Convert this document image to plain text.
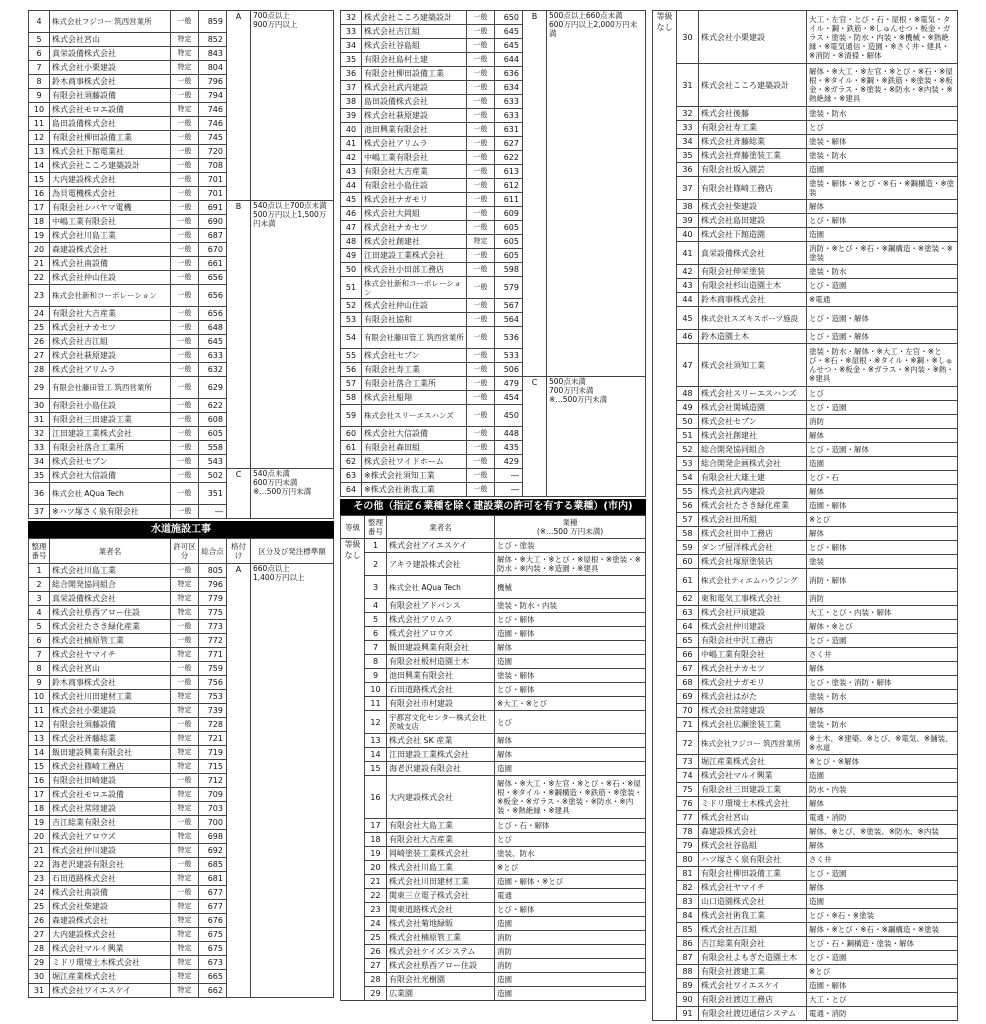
4	株式会社フジコー 筑西営業所	一般	859	A	700点以上
900万円以上
5	株式会社宮山	特定	852		
6	真栄設備株式会社	特定	843		
7	株式会社小栗建設	特定	804		
8	鈴木商事株式会社	一般	796		
9	有限会社須藤設備	一般	794		
10	株式会社モロエ設備	特定	746		
11	島田設備株式会社	一般	746		
12	有限会社柳田設備工業	一般	745		
13	株式会社下館電業社	一般	720		
14	株式会社こころ建築設計	一般	708		
15	大内建設株式会社	一般	701		
16	為貝電機株式会社	一般	701		
17	有限会社シバヤマ電機	一般	691	B	540点以上700点未満
500万円以上1,500万円未満
18	中嶋工業有限会社	一般	690		
19	株式会社川島工業	一般	687		
20	森建設株式会社	一般	670		
21	株式会社南設備	一般	661		
22	株式会社仲山住設	一般	656		
23	株式会社新和コーポレーション	一般	656		
24	有限会社大吉産業	一般	656		
25	株式会社ナカセツ	一般	648		
26	株式会社吉江組	一般	645		
27	株式会社萩原建設	一般	633		
28	株式会社アリムラ	一般	632		
29	有限会社藤田管工 筑西営業所	一般	629		
30	有限会社小島住設	一般	622		
31	有限会社三田建設工業	一般	608		
32	江田建設工業株式会社	一般	605		
33	有限会社落合工業所	一般	558		
34	株式会社セブン	一般	543		
35	株式会社大信設備	一般	502	C	540点未満
600万円未満
※…500万円未満
36	株式会社 AQua Tech	一般	351		
37	※ハツ塚さく泉有限会社	一般	―		
水道施設工事
整理番号	業者名	許可区分	総合点	格付け	区分及び発注標準額
1	株式会社川島工業	一般	805	A	660点以上
1,400万円以上
2	総合開発協同組合	特定	796		
3	真栄設備株式会社	特定	779		
4	株式会社県西アロー住設	特定	775		
5	株式会社たさき緑化産業	一般	773		
6	株式会社楠原管工業	一般	772		
7	株式会社ヤマイチ	特定	771		
8	株式会社宮山	一般	759		
9	鈴木商事株式会社	一般	756		
10	株式会社川田建材工業	特定	753		
11	株式会社小栗建設	特定	739		
12	有限会社須藤設備	一般	728		
13	株式会社斉藤総業	特定	721		
14	飯田建設興業有限会社	特定	719		
15	株式会社篠崎工務店	特定	715		
16	有限会社田崎建設	一般	712		
17	株式会社モロエ設備	特定	709		
18	株式会社常陸建設	特定	703		
19	吉江総業有限会社	一般	700		
20	株式会社アロウズ	特定	698		
21	株式会社仲川建設	特定	692		
22	海老沢建設有限会社	一般	685		
23	石田道路株式会社	特定	681		
24	株式会社南設備	一般	677		
25	株式会社柴建設	特定	677		
26	森建設株式会社	特定	676		
27	大内建設株式会社	特定	675		
28	株式会社マルイ興業	特定	675		
29	ミドリ環境土木株式会社	特定	673		
30	堀江産業株式会社	特定	665		
31	株式会社ワイエスケイ	特定	662		
32	株式会社こころ建築設計	一般	650	B	500点以上660点未満
600万円以上2,000万円未満
33	株式会社吉江組	一般	645		
34	株式会社谷島組	一般	645		
35	有限会社島村土建	一般	644		
36	有限会社柳田設備工業	一般	636		
37	株式会社武内建設	一般	634		
38	島田設備株式会社	一般	633		
39	株式会社萩原建設	一般	633		
40	池田興業有限会社	一般	631		
41	株式会社アリムラ	一般	627		
42	中嶋工業有限会社	一般	622		
43	有限会社大吉産業	一般	613		
44	有限会社小島住設	一般	612		
45	株式会社ナガモリ	一般	611		
46	株式会社大岡組	一般	609		
47	株式会社ナカセツ	一般	605		
48	株式会社創建社	特定	605		
49	江田建設工業株式会社	一般	605		
50	株式会社小田部工務店	一般	598		
51	株式会社新和コーポレーション	一般	579		
52	株式会社仲山住設	一般	567		
53	有限会社協和	一般	564		
54	有限会社藤田管工 筑西営業所	一般	536		
55	株式会社セブン	一般	533		
56	有限会社寿工業	一般	506		
57	有限会社落合工業所	一般	479	C	500点未満
700万円未満
※…500万円未満
58	株式会社船翔	一般	454		
59	株式会社スリーエスハンズ	一般	450		
60	株式会社大信設備	一般	448		
61	有限会社森田組	一般	435		
62	株式会社ワイドホーム	一般	429		
63	※株式会社須知工業	一般	―		
64	※株式会社術我工業	一般	―		
その他（指定６業種を除く建設業の許可を有する業種）(市内)
等級	整理番号	業者名	業種
(※…500 万円未満)
等級なし	1	株式会社アイエスケイ	とび・塗装
	2	アキラ建設株式会社	解体・※大工・※とび・※屋根・※塗装・※防水・※内装・※造園・※建具
	3	株式会社 AQua Tech	機械
	4	有限会社アドバンス	塗装・防水・内装
	5	株式会社アリムラ	とび・解体
	6	株式会社アロウズ	造園・解体
	7	飯田建設興業有限会社	解体
	8	有限会社板村造園土木	造園
	9	池田興業有限会社	塗装・解体
	10	石田道路株式会社	とび・解体
	11	有限会社市村建設	※大工・※とび
	12	宇都宮文化センター株式会社 茨城支店	とび
	13	株式会社 SK 産業	解体
	14	江田建設工業株式会社	解体
	15	海老沢建設有限会社	造園
	16	大内建設株式会社	解体・※大工・※左官・※とび・※石・※屋根・※タイル・※鋼構造・※鉄筋・※塗装・※板金・※ガラス・※塗装・※防水・※内装・※熱絶縁・※建具
	17	有限会社大島工業	とび・石・解体
	18	有限会社大吉産業	とび
	19	岡崎塗装工業株式会社	塗装、防水
	20	株式会社川島工業	※とび
	21	株式会社川田建材工業	造園・解体・※とび
	22	関東三立電子株式会社	電通
	23	関東道路株式会社	とび・解体
	24	株式会社菊地緑販	造園
	25	株式会社楠原管工業	消防
	26	株式会社ケイズシステム	消防
	27	株式会社県西アロー住設	消防
	28	有限会社光樹園	造園
	29	広業園	造園
等級なし	30	株式会社小栗建設	大工・左官・とび・石・屋根・※電気・タイル・鋼・鉄筋・※しゅんせつ・板金・ガラス・塗装・防水・内装・※機械・※熱絶縁・※電気通信・造園・※さく井・建具・※消防・※清掃・解体
	31	株式会社こころ建築設計	解体・※大工・※左官・※とび・※石・※屋根・※タイル・※鋼・※鉄筋・※塗装・※板金・※ガラス・※塗装・※防水・※内装・※熱絶縁・※建具
	32	株式会社後藤	塗装・防水
	33	有限会社寿工業	とび
	34	株式会社斉藤総業	塗装・解体
	35	株式会社齊藤塗装工業	塗装・防水
	36	有限会社坂入園芸	造園
	37	有限会社篠崎工務店	塗装・解体・※とび・※石・※鋼構造・※塗装
	38	株式会社柴建設	解体
	39	株式会社島田建設	とび・解体
	40	株式会社下館造園	造園
	41	真栄設備株式会社	消防・※とび・※石・※鋼構造・※塗装・※塗装
	42	有限会社伸栄塗装	塗装・防水
	43	有限会社杉山造園土木	とび・造園
	44	鈴木商事株式会社	※電通
	45	株式会社スズキスポーツ施設	とび・造園・解体
	46	鈴木造園土木	とび・造園・解体
	47	株式会社須知工業	塗装・防水・解体・※大工・左官・※とび・※石・※屋根・※タイル・※鋼・※しゅんせつ・※板金・※ガラス・※内装・※熱・※建具
	48	株式会社スリーエスハンズ	とび
	49	株式会社関城造園	とび・造園
	50	株式会社セブン	消防
	51	株式会社創建社	解体
	52	総合開発協同組合	とび・造園・解体
	53	総合開発企画株式会社	造園
	54	有限会社大雄土建	とび・石
	55	株式会社武内建設	解体
	56	株式会社たさき緑化産業	造園・解体
	57	株式会社田所組	※とび
	58	株式会社田中工務店	解体
	59	ダンプ屋洋株式会社	とび・解体
	60	株式会社塚原塗装店	塗装
	61	株式会社ティエムハウジング	消防・解体
	62	東和電気工事株式会社	消防
	63	株式会社戸頃建設	大工・とび・内装・解体
	64	株式会社仲川建設	解体・※とび
	65	有限会社中沢工務店	とび・造園
	66	中嶋工業有限会社	さく井
	67	株式会社ナカセツ	解体
	68	株式会社ナガモリ	とび・塗装・消防・解体
	69	株式会社はがた	塗装・防水
	70	株式会社常陸建設	解体
	71	株式会社広瀬塗装工業	塗装・防水
	72	株式会社フジコー 筑西営業所	※土木、※建築、※とび、※電気、※舗装、※水道
	73	堀江産業株式会社	※とび・※解体
	74	株式会社マルイ興業	造園
	75	有限会社三田建設工業	防水・内装
	76	ミドリ環境土木株式会社	解体
	77	株式会社宮山	電通・消防
	78	森建設株式会社	解体、※とび、※塗装、※防水、※内装
	79	株式会社谷島組	解体
	80	ハツ塚さく泉有限会社	さく井
	81	有限会社柳田設備工業	とび・造園
	82	株式会社ヤマイチ	解体
	83	山口造園株式会社	造園
	84	株式会社術我工業	とび・※石・※塗装
	85	株式会社吉江組	解体・※とび・※石・※鋼構造・※塗装
	86	吉江総業有限会社	とび・石・鋼構造・塗装・解体
	87	有限会社よもぎた造園土木	とび・造園
	88	有限会社渡建工業	※とび
	89	株式会社ワイエスケイ	造園・解体
	90	有限会社渡辺工務店	大工・とび
	91	有限会社渡辺通信システム	電通・消防
